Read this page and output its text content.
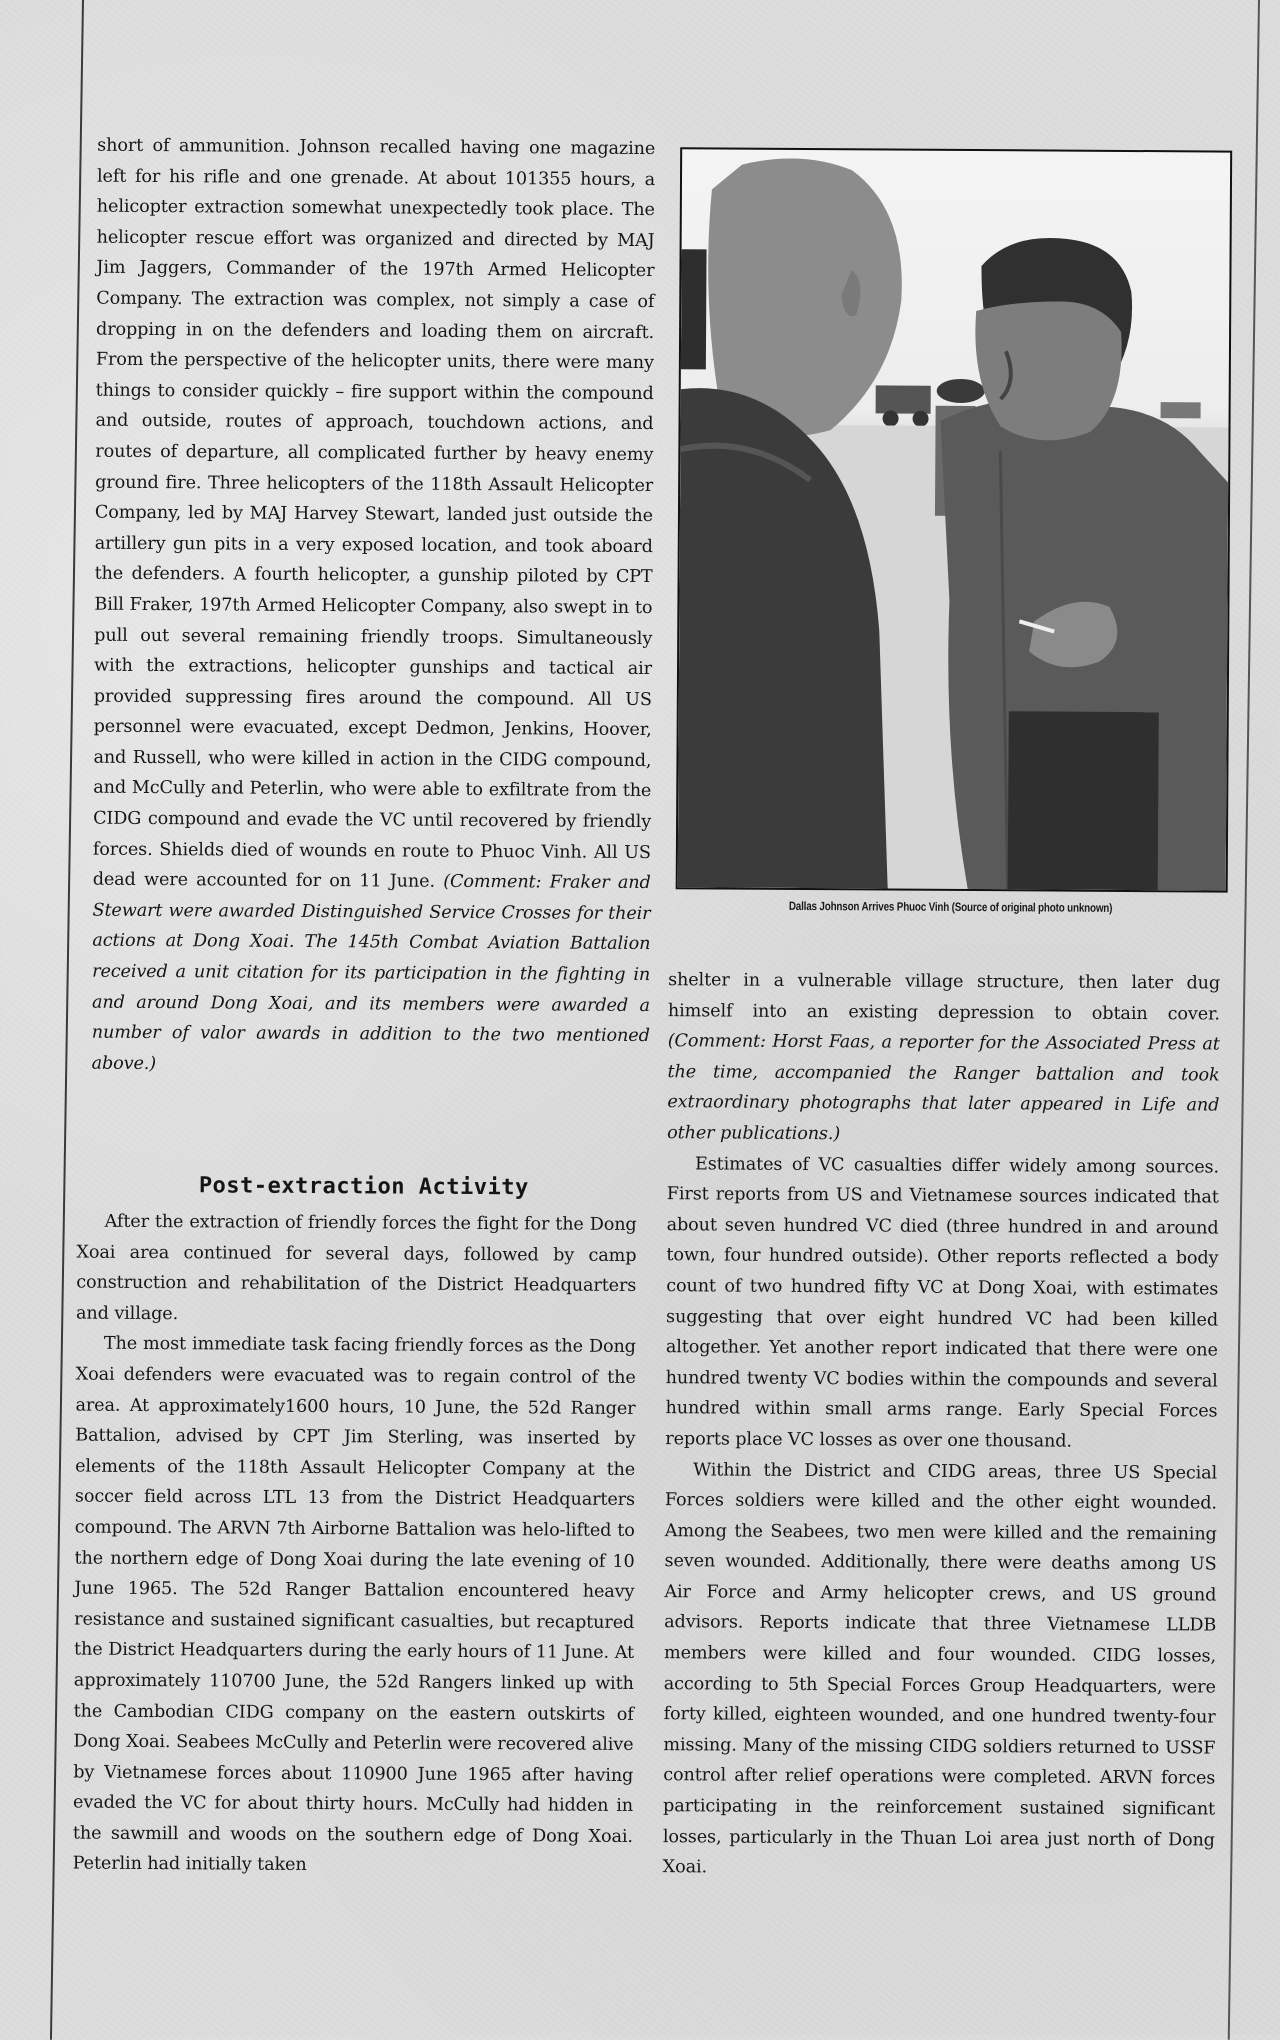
short of ammunition. Johnson recalled having one magazine left for his rifle and one grenade. At about 101355 hours, a helicopter extraction somewhat unexpectedly took place. The helicopter rescue effort was organized and directed by MAJ Jim Jaggers, Commander of the 197th Armed Helicopter Company. The extraction was complex, not simply a case of dropping in on the defenders and loading them on aircraft. From the perspective of the helicopter units, there were many things to consider quickly – fire support within the compound and outside, routes of approach, touchdown actions, and routes of departure, all complicated further by heavy enemy ground fire. Three helicopters of the 118th Assault Helicopter Company, led by MAJ Harvey Stewart, landed just outside the artillery gun pits in a very exposed location, and took aboard the defenders. A fourth helicopter, a gunship piloted by CPT Bill Fraker, 197th Armed Helicopter Company, also swept in to pull out several remaining friendly troops. Simultaneously with the extractions, helicopter gunships and tactical air provided suppressing fires around the compound. All US personnel were evacuated, except Dedmon, Jenkins, Hoover, and Russell, who were killed in action in the CIDG compound, and McCully and Peterlin, who were able to exfiltrate from the CIDG compound and evade the VC until recovered by friendly forces. Shields died of wounds en route to Phuoc Vinh. All US dead were accounted for on 11 June. (Comment: Fraker and Stewart were awarded Distinguished Service Crosses for their actions at Dong Xoai. The 145th Combat Aviation Battalion received a unit citation for its participation in the fighting in and around Dong Xoai, and its members were awarded a number of valor awards in addition to the two mentioned above.)

Post-extraction Activity

After the extraction of friendly forces the fight for the Dong Xoai area continued for several days, followed by camp construction and rehabilitation of the District Headquarters and village.

The most immediate task facing friendly forces as the Dong Xoai defenders were evacuated was to regain control of the area. At approximately1600 hours, 10 June, the 52d Ranger Battalion, advised by CPT Jim Sterling, was inserted by elements of the 118th Assault Helicopter Company at the soccer field across LTL 13 from the District Headquarters compound. The ARVN 7th Airborne Battalion was helo-lifted to the northern edge of Dong Xoai during the late evening of 10 June 1965. The 52d Ranger Battalion encountered heavy resistance and sustained significant casualties, but recaptured the District Headquarters during the early hours of 11 June. At approximately 110700 June, the 52d Rangers linked up with the Cambodian CIDG company on the eastern outskirts of Dong Xoai. Seabees McCully and Peterlin were recovered alive by Vietnamese forces about 110900 June 1965 after having evaded the VC for about thirty hours. McCully had hidden in the sawmill and woods on the southern edge of Dong Xoai. Peterlin had initially taken

Dallas Johnson Arrives Phuoc Vinh (Source of original photo unknown)

shelter in a vulnerable village structure, then later dug himself into an existing depression to obtain cover. (Comment: Horst Faas, a reporter for the Associated Press at the time, accompanied the Ranger battalion and took extraordinary photographs that later appeared in Life and other publications.)

Estimates of VC casualties differ widely among sources. First reports from US and Vietnamese sources indicated that about seven hundred VC died (three hundred in and around town, four hundred outside). Other reports reflected a body count of two hundred fifty VC at Dong Xoai, with estimates suggesting that over eight hundred VC had been killed altogether. Yet another report indicated that there were one hundred twenty VC bodies within the compounds and several hundred within small arms range. Early Special Forces reports place VC losses as over one thousand.

Within the District and CIDG areas, three US Special Forces soldiers were killed and the other eight wounded. Among the Seabees, two men were killed and the remaining seven wounded. Additionally, there were deaths among US Air Force and Army helicopter crews, and US ground advisors. Reports indicate that three Vietnamese LLDB members were killed and four wounded. CIDG losses, according to 5th Special Forces Group Headquarters, were forty killed, eighteen wounded, and one hundred twenty-four missing. Many of the missing CIDG soldiers returned to USSF control after relief operations were completed. ARVN forces participating in the reinforcement sustained significant losses, particularly in the Thuan Loi area just north of Dong Xoai.
